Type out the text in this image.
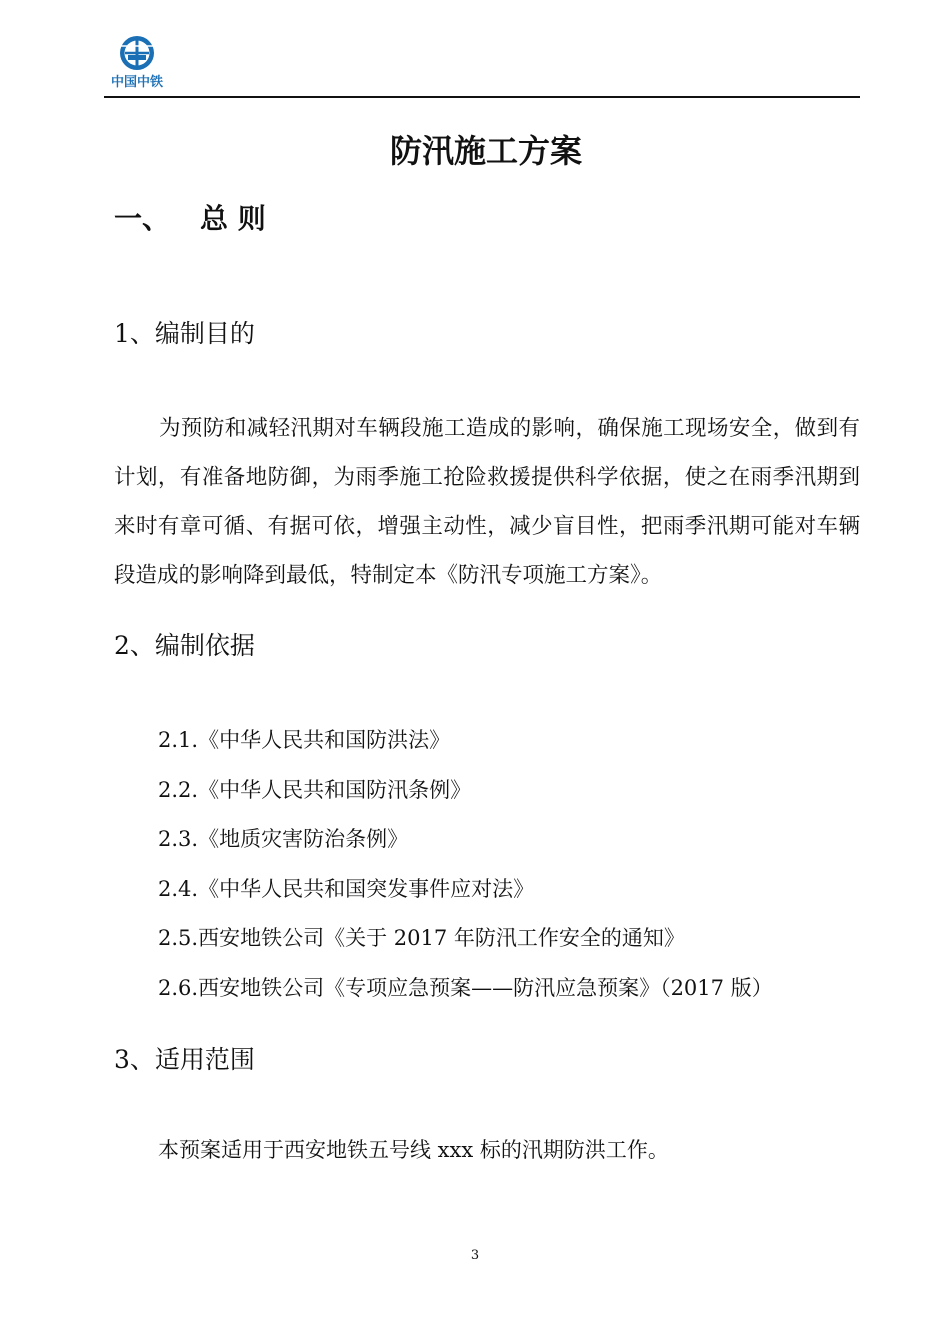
中国中铁
防汛施工方案
一、 总 则
1、编制目的
为预防和减轻汛期对车辆段施工造成的影响，确保施工现场安全，做到有计划，有准备地防御，为雨季施工抢险救援提供科学依据，使之在雨季汛期到来时有章可循、有据可依，增强主动性，减少盲目性，把雨季汛期可能对车辆段造成的影响降到最低，特制定本《防汛专项施工方案》。
2、编制依据
2.1.《中华人民共和国防洪法》
2.2.《中华人民共和国防汛条例》
2.3.《地质灾害防治条例》
2.4.《中华人民共和国突发事件应对法》
2.5.西安地铁公司《关于 2017 年防汛工作安全的通知》
2.6.西安地铁公司《专项应急预案——防汛应急预案》（2017 版）
3、适用范围
本预案适用于西安地铁五号线 xxx 标的汛期防洪工作。
3
